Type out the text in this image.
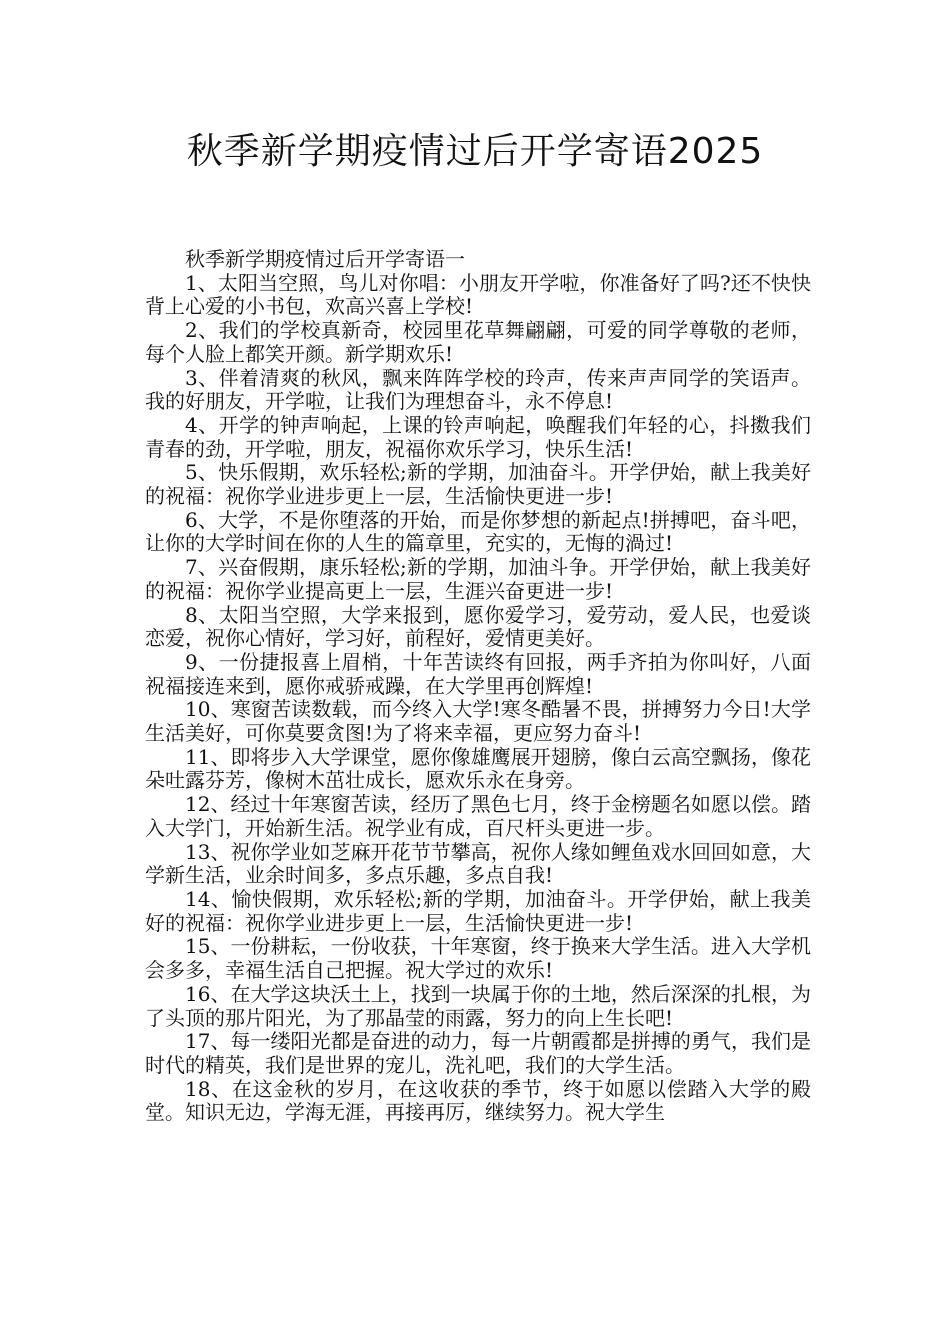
秋季新学期疫情过后开学寄语2025

秋季新学期疫情过后开学寄语一

1、太阳当空照，鸟儿对你唱：小朋友开学啦，你准备好了吗?还不快快背上心爱的小书包，欢高兴喜上学校!

2、我们的学校真新奇，校园里花草舞翩翩，可爱的同学尊敬的老师，每个人脸上都笑开颜。新学期欢乐!

3、伴着清爽的秋风，飘来阵阵学校的玲声，传来声声同学的笑语声。我的好朋友，开学啦，让我们为理想奋斗，永不停息!

4、开学的钟声响起，上课的铃声响起，唤醒我们年轻的心，抖擞我们青春的劲，开学啦，朋友，祝福你欢乐学习，快乐生活!

5、快乐假期，欢乐轻松;新的学期，加油奋斗。开学伊始，献上我美好的祝福：祝你学业进步更上一层，生活愉快更进一步!

6、大学，不是你堕落的开始，而是你梦想的新起点!拼搏吧，奋斗吧，让你的大学时间在你的人生的篇章里，充实的，无悔的渦过!

7、兴奋假期，康乐轻松;新的学期，加油斗争。开学伊始，献上我美好的祝福：祝你学业提高更上一层，生涯兴奋更进一步!

8、太阳当空照，大学来报到，愿你爱学习，爱劳动，爱人民，也爱谈恋爱，祝你心情好，学习好，前程好，爱情更美好。

9、一份捷报喜上眉梢，十年苦读终有回报，两手齐拍为你叫好，八面祝福接连来到，愿你戒骄戒躁，在大学里再创辉煌!

10、寒窗苦读数载，而今终入大学!寒冬酷暑不畏，拼搏努力今日!大学生活美好，可你莫要贪图!为了将来幸福，更应努力奋斗!

11、即将步入大学课堂，愿你像雄鹰展开翅膀，像白云高空飘扬，像花朵吐露芬芳，像树木茁壮成长，愿欢乐永在身旁。

12、经过十年寒窗苦读，经历了黑色七月，终于金榜题名如愿以偿。踏入大学门，开始新生活。祝学业有成，百尺杆头更进一步。

13、祝你学业如芝麻开花节节攀高，祝你人缘如鲤鱼戏水回回如意，大学新生活，业余时间多，多点乐趣，多点自我!

14、愉快假期，欢乐轻松;新的学期，加油奋斗。开学伊始，献上我美好的祝福：祝你学业进步更上一层，生活愉快更进一步!

15、一份耕耘，一份收获，十年寒窗，终于换来大学生活。进入大学机会多多，幸福生活自己把握。祝大学过的欢乐!

16、在大学这块沃土上，找到一块属于你的土地，然后深深的扎根，为了头顶的那片阳光，为了那晶莹的雨露，努力的向上生长吧!

17、每一缕阳光都是奋进的动力，每一片朝霞都是拼搏的勇气，我们是时代的精英，我们是世界的宠儿，洗礼吧，我们的大学生活。

18、在这金秋的岁月，在这收获的季节，终于如愿以偿踏入大学的殿堂。知识无边，学海无涯，再接再厉，继续努力。祝大学生
